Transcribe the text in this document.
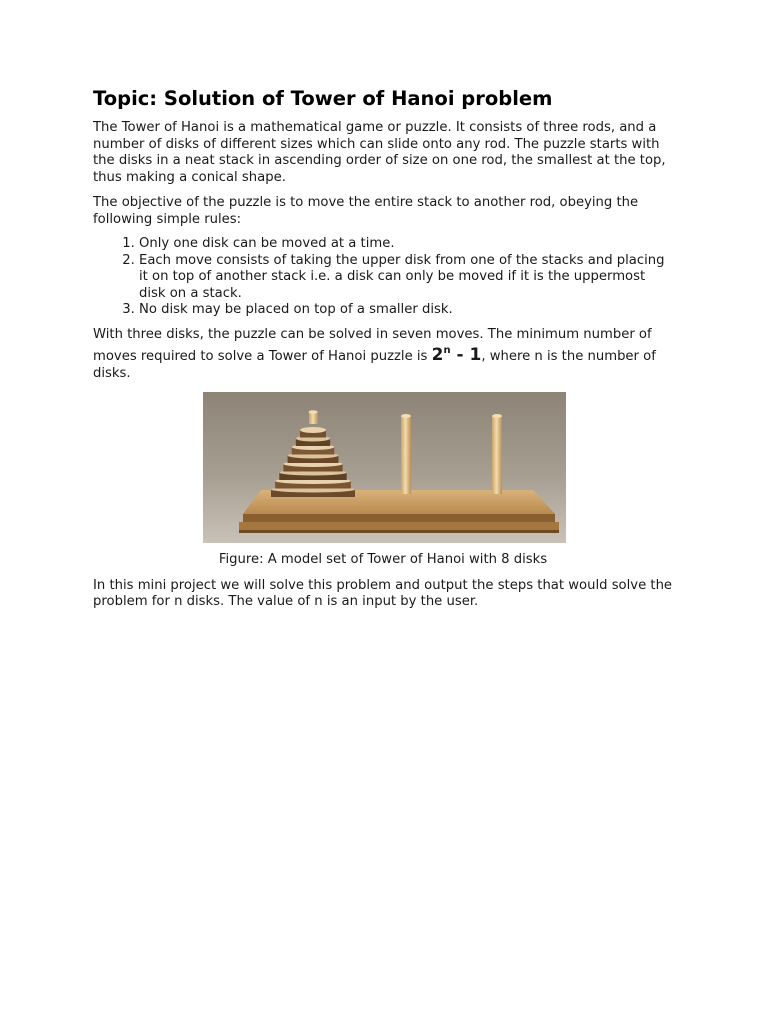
Topic: Solution of Tower of Hanoi problem

The Tower of Hanoi is a mathematical game or puzzle. It consists of three rods, and a number of disks of different sizes which can slide onto any rod. The puzzle starts with the disks in a neat stack in ascending order of size on one rod, the smallest at the top, thus making a conical shape.

The objective of the puzzle is to move the entire stack to another rod, obeying the following simple rules:

1. Only one disk can be moved at a time.
2. Each move consists of taking the upper disk from one of the stacks and placing it on top of another stack i.e. a disk can only be moved if it is the uppermost disk on a stack.
3. No disk may be placed on top of a smaller disk.

With three disks, the puzzle can be solved in seven moves. The minimum number of moves required to solve a Tower of Hanoi puzzle is 2$^n$ - 1, where n is the number of disks.

Figure: A model set of Tower of Hanoi with 8 disks

In this mini project we will solve this problem and output the steps that would solve the problem for n disks. The value of n is an input by the user.
